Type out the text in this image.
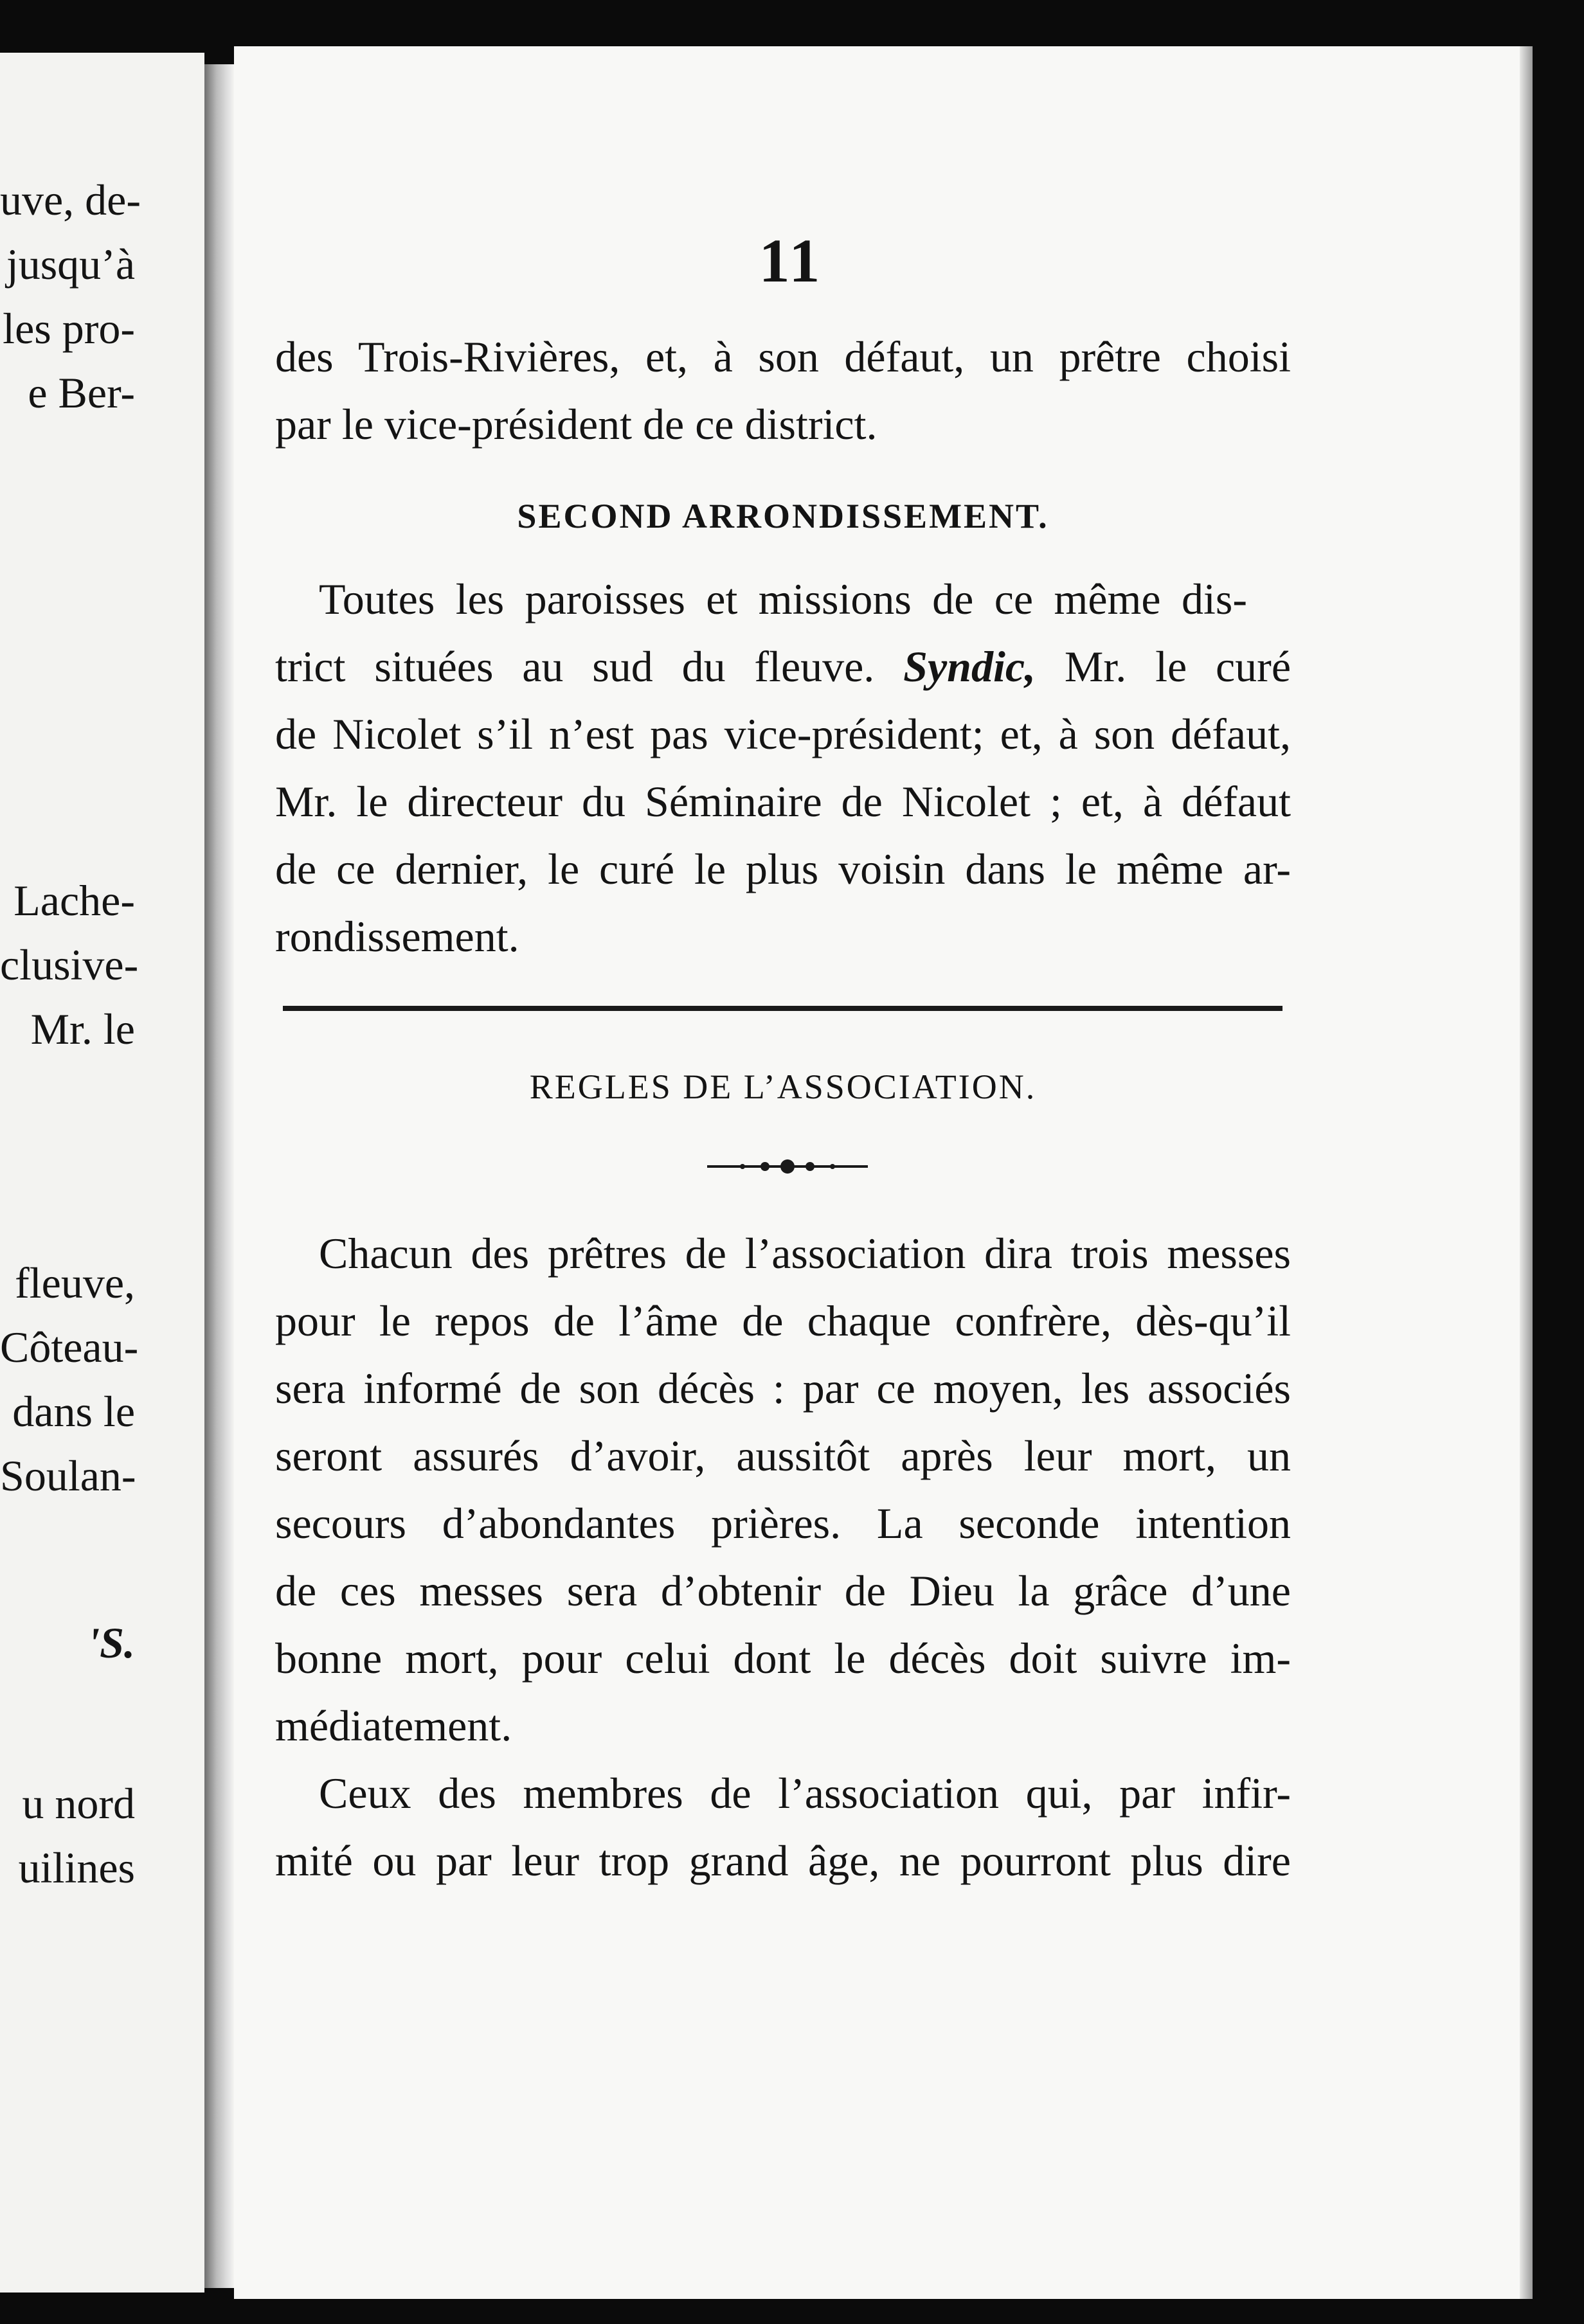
uve, de-
jusqu’à
les pro-
e Ber-
Lache-
clusive-
Mr. le
fleuve,
Côteau-
dans le
Soulan-
'S.
u nord
uilines
11
des Trois-Rivières, et, à son défaut, un prêtre choisi
par le vice-président de ce district.
SECOND ARRONDISSEMENT.
Toutes les paroisses et missions de ce même dis-
trict situées au sud du fleuve. Syndic, Mr. le curé
de Nicolet s’il n’est pas vice-président; et, à son défaut,
Mr. le directeur du Séminaire de Nicolet ; et, à défaut
de ce dernier, le curé le plus voisin dans le même ar-
rondissement.
REGLES DE L’ASSOCIATION.
Chacun des prêtres de l’association dira trois messes
pour le repos de l’âme de chaque confrère, dès-qu’il
sera informé de son décès : par ce moyen, les associés
seront assurés d’avoir, aussitôt après leur mort, un
secours d’abondantes prières. La seconde intention
de ces messes sera d’obtenir de Dieu la grâce d’une
bonne mort, pour celui dont le décès doit suivre im-
médiatement.
Ceux des membres de l’association qui, par infir-
mité ou par leur trop grand âge, ne pourront plus dire
